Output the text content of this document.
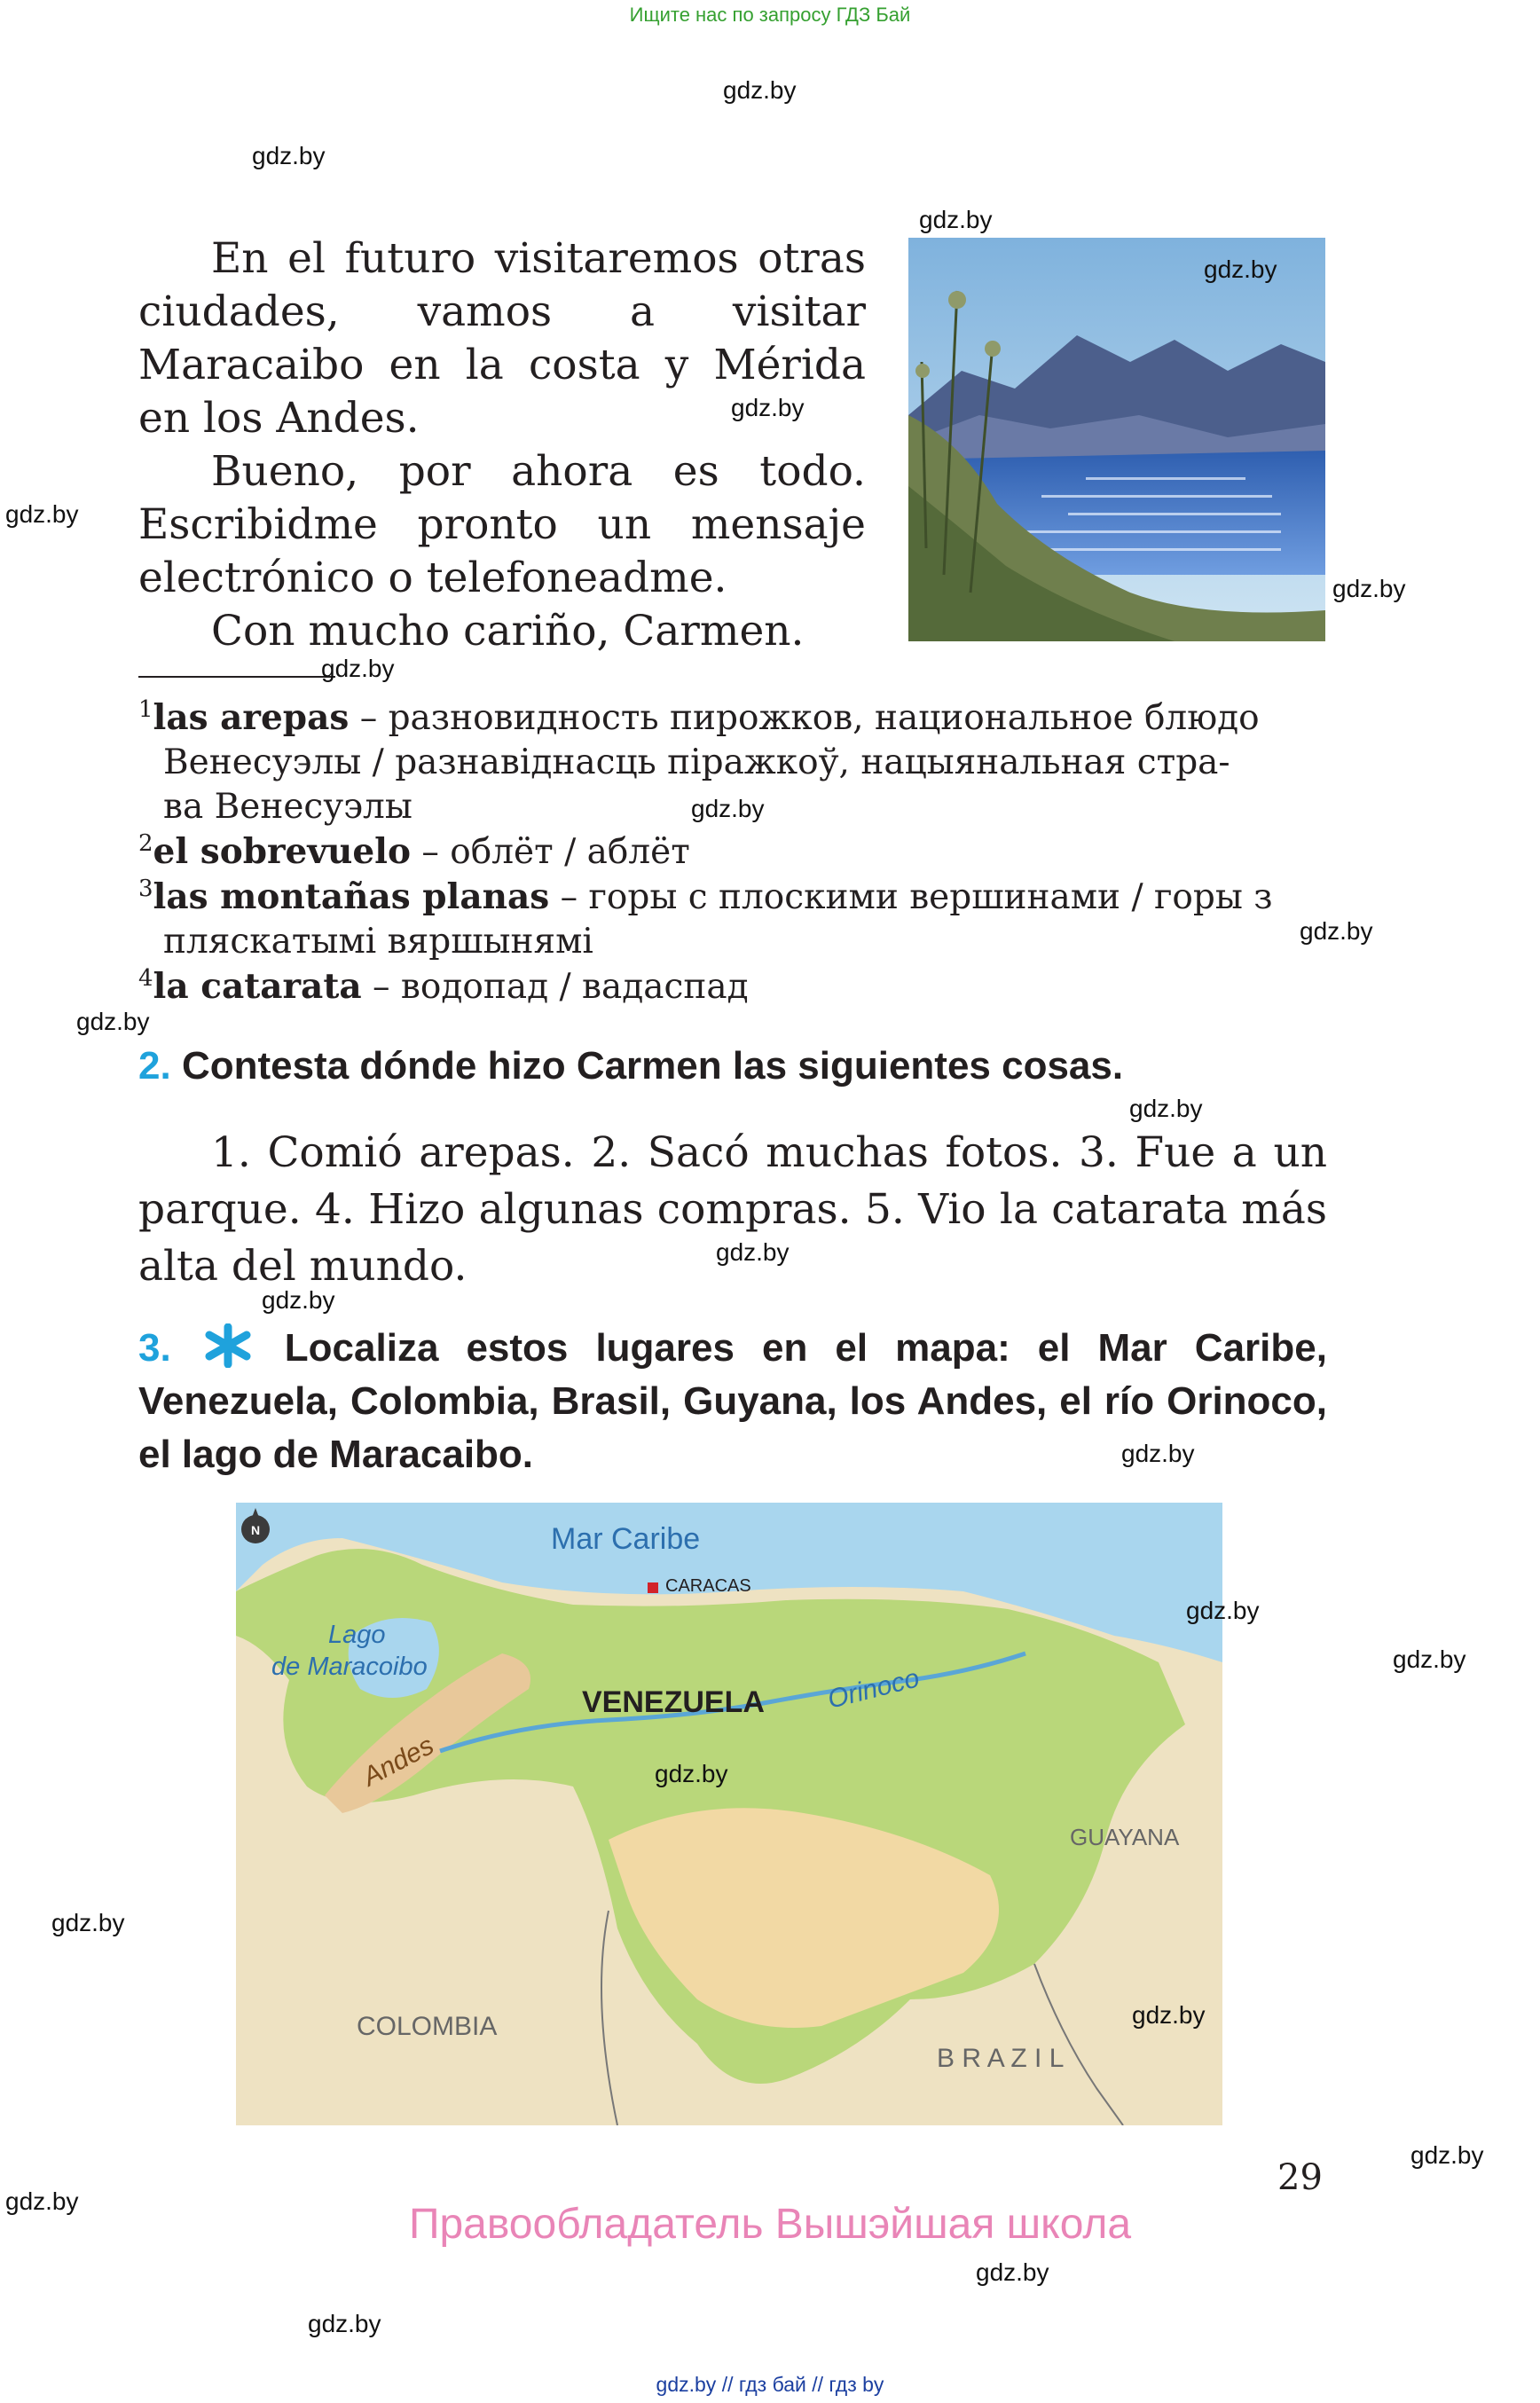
Ищите нас по запросу ГДЗ Бай

En el futuro visitaremos otras ciudades, vamos a visitar Maracaibo en la costa y Mérida en los Andes.

Bueno, por ahora es todo. Escribidme pronto un mensaje electrónico o telefoneadme.

Con mucho cariño, Carmen.

$^1$las arepas – разновидность пирожков, национальное блюдо
Венесуэлы / разнавіднасць піражкоў, нацыянальная стра-
ва Венесуэлы
$^2$el sobrevuelo – облёт / аблёт
$^3$las montañas planas – горы с плоскими вершинами / горы з
пляскатымі вяршынямі
$^4$la catarata – водопад / вадаспад
2. Contesta dónde hizo Carmen las siguientes cosas.
1. Comió arepas. 2. Sacó muchas fotos. 3. Fue a un parque. 4. Hizo algunas compras. 5. Vio la catarata más alta del mundo.
3.	Localiza estos lugares en el mapa: el Mar Caribe, Venezuela, Colombia, Brasil, Guyana, los Andes, el río Orinoco, el lago de Maracaibo.
N	Mar Caribe
CARACAS
Lago
de Maracoibo
VENEZUELA Orinoco
Andes
GUAYANA
COLOMBIA
B R A Z I L
29
Правообладатель Вышэйшая школа
gdz.by // гдз бай // гдз by
gdz.by
gdz.by
gdz.by
gdz.by
gdz.by
gdz.by
gdz.by
gdz.by
gdz.by
gdz.by
gdz.by
gdz.by
gdz.by
gdz.by
gdz.by
gdz.by
gdz.by
gdz.by
gdz.by
gdz.by
gdz.by
gdz.by
gdz.by
gdz.by
